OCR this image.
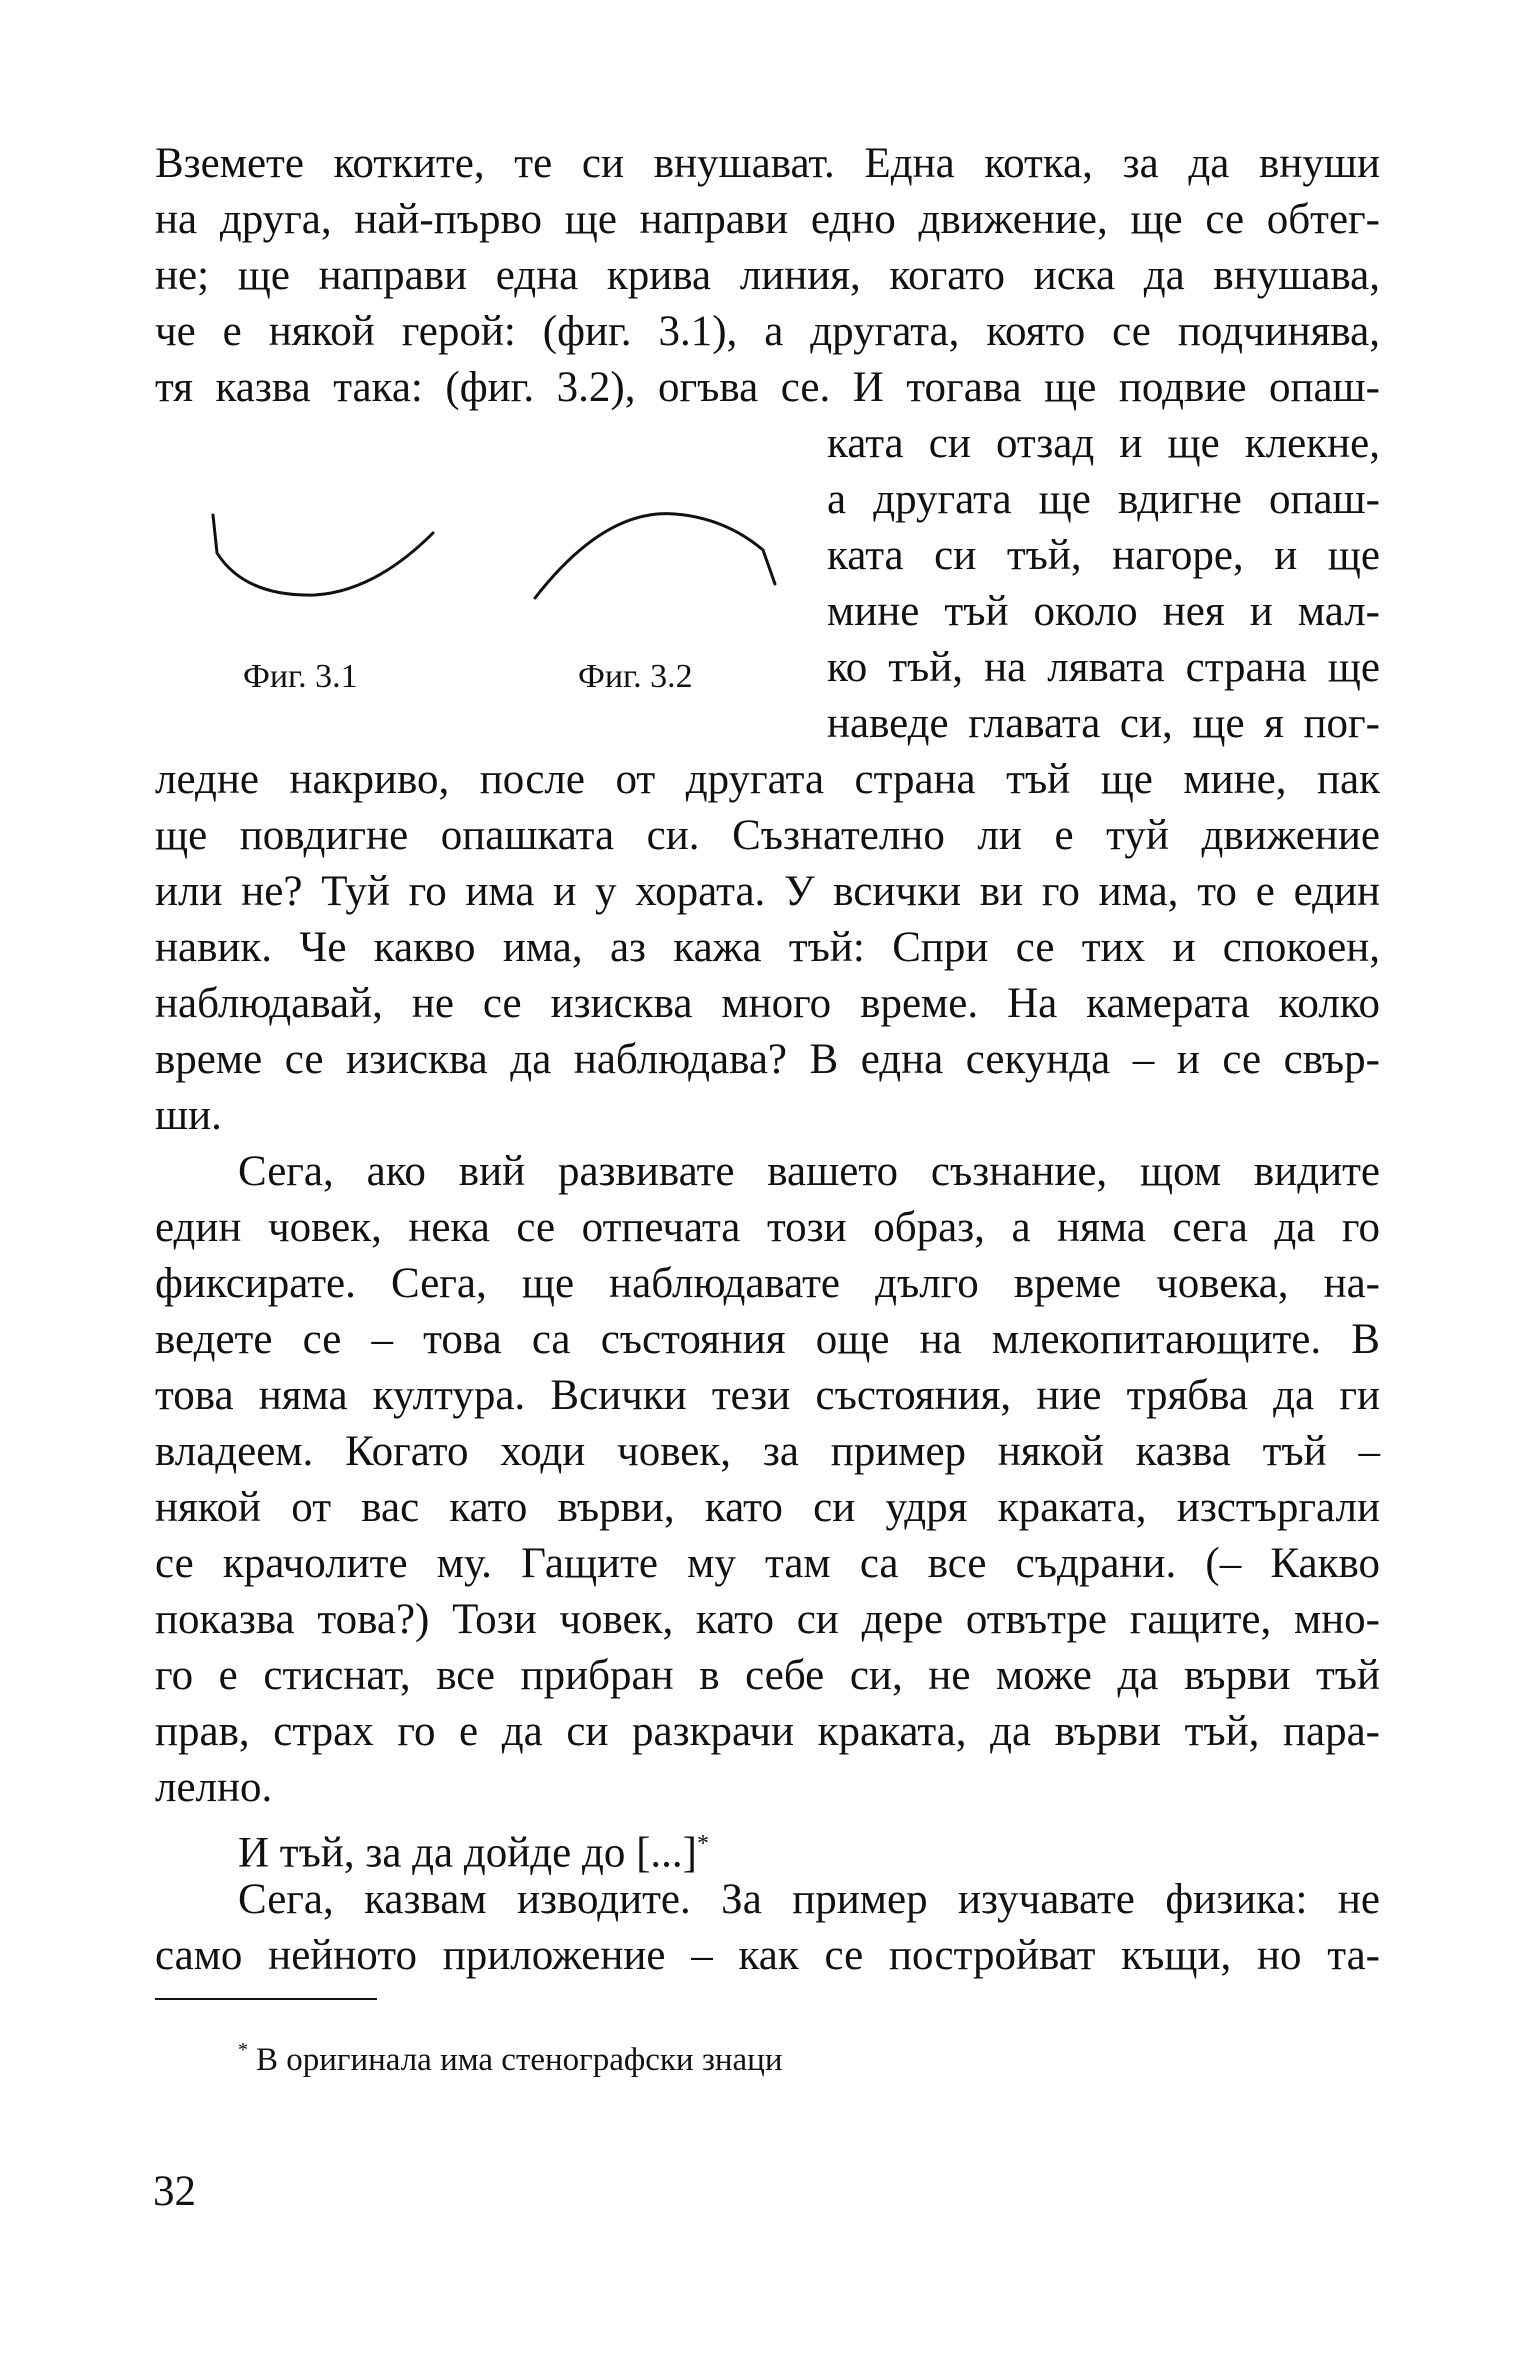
Вземете котките, те си внушават. Една котка, за да внуши
на друга, най-първо ще направи едно движение, ще се обтег-
не; ще направи една крива линия, когато иска да внушава,
че е някой герой: (фиг. 3.1), а другата, която се подчинява,
тя казва така: (фиг. 3.2), огъва се. И тогава ще подвие опаш-
ката си отзад и ще клекне,
а другата ще вдигне опаш-
ката си тъй, нагоре, и ще
мине тъй около нея и мал-
ко тъй, на лявата страна ще
наведе главата си, ще я пог-
ледне накриво, после от другата страна тъй ще мине, пак
ще повдигне опашката си. Съзнателно ли е туй движение
или не? Туй го има и у хората. У всички ви го има, то е един
навик. Че какво има, аз кажа тъй: Спри се тих и спокоен,
наблюдавай, не се изисква много време. На камерата колко
време се изисква да наблюдава? В една секунда – и се свър-
ши.
Фиг. 3.1	Фиг. 3.2
Сега, ако вий развивате вашето съзнание, щом видите
един човек, нека се отпечата този образ, а няма сега да го
фиксирате. Сега, ще наблюдавате дълго време човека, на-
ведете се – това са състояния още на млекопитающите. В
това няма култура. Всички тези състояния, ние трябва да ги
владеем. Когато ходи човек, за пример някой казва тъй –
някой от вас като върви, като си удря краката, изстъргали
се крачолите му. Гащите му там са все съдрани. (– Какво
показва това?) Този човек, като си дере отвътре гащите, мно-
го е стиснат, все прибран в себе си, не може да върви тъй
прав, страх го е да си разкрачи краката, да върви тъй, пара-
лелно.
И тъй, за да дойде до [...]*
Сега, казвам изводите. За пример изучавате физика: не
само нейното приложение – как се постройват къщи, но та-
* В оригинала има стенографски знаци
32
